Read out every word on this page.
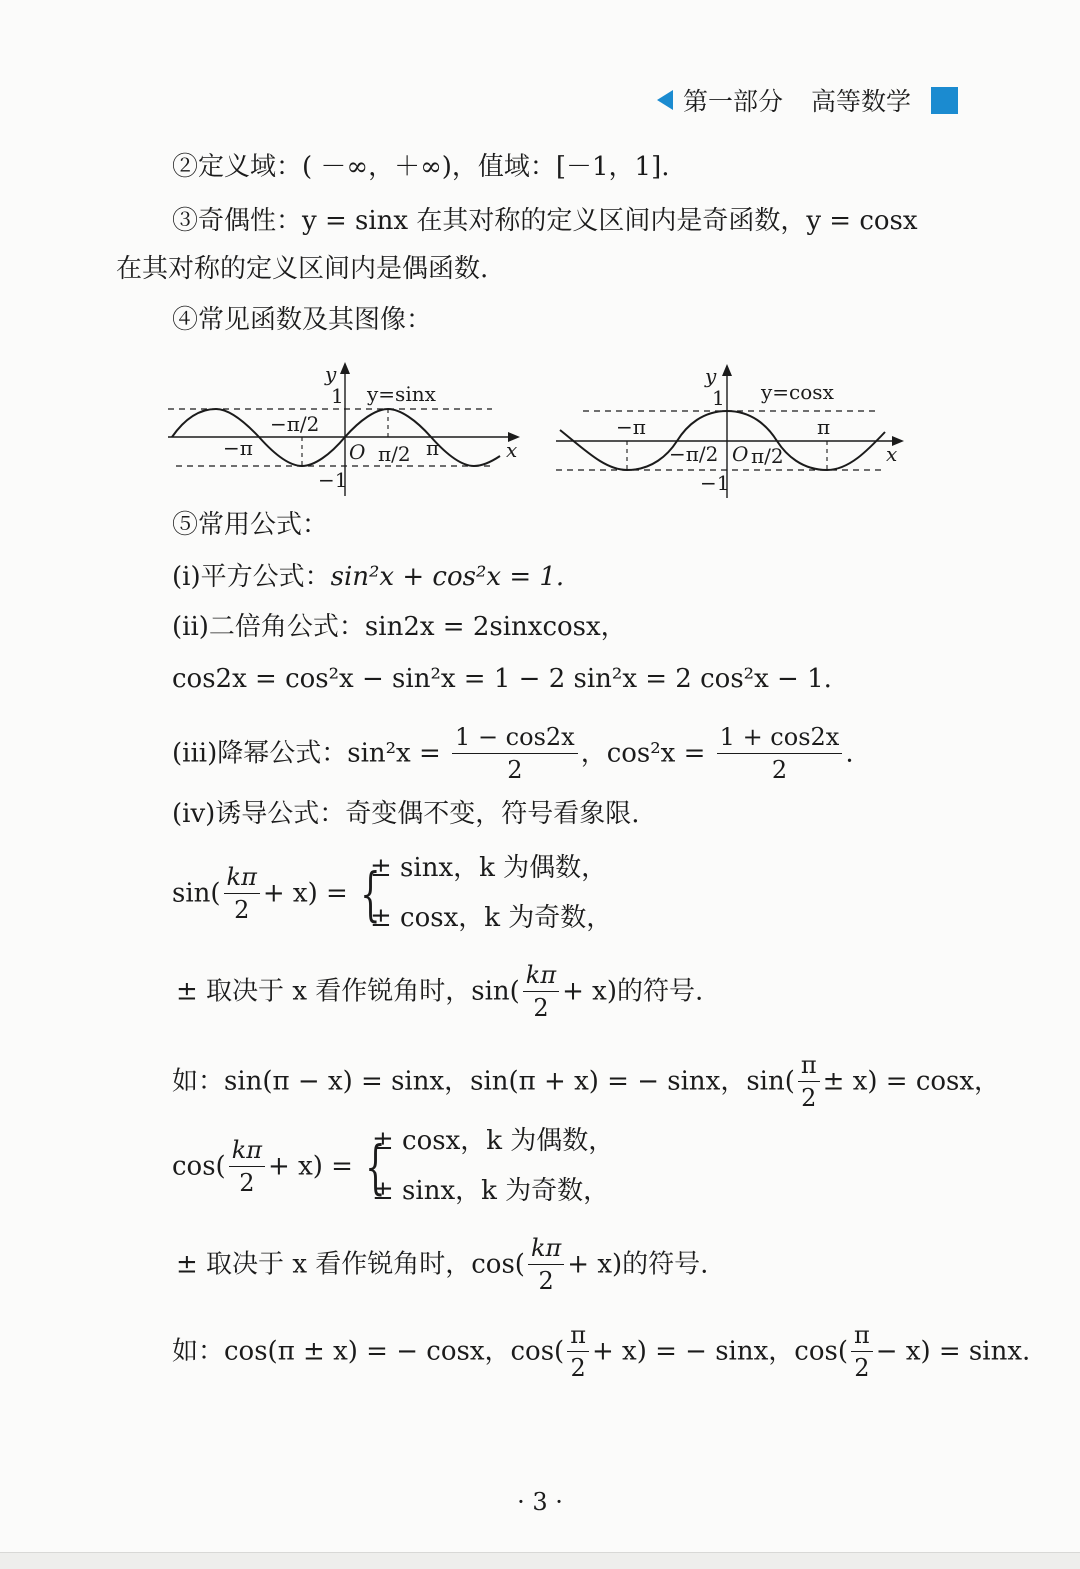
第一部分 高等数学
②定义域：( －∞，＋∞)，值域：[－1，1].
③奇偶性：y = sinx 在其对称的定义区间内是奇函数，y = cosx
在其对称的定义区间内是偶函数.
④常见函数及其图像：
y
1 y=sinx
−π/2
−π	O π/2 π	x
−1
y
1 y=cosx
−π	π
−π/2 O π/2	x
−1
⑤常用公式：
(i)平方公式：sin²x + cos²x = 1.
(ii)二倍角公式：sin2x = 2sinxcosx，
cos2x = cos²x − sin²x = 1 − 2 sin²x = 2 cos²x − 1.
(iii)降幂公式：$\sin^2x = \frac{1 - \cos 2x}{2}$ ，$\cos^2x = \frac{1 + \cos 2x}{2}$ .
(iv)诱导公式：奇变偶不变，符号看象限.
$\sin( \frac{k\pi}{2} + x)$ = {
± sinx，k 为偶数，
± cosx，k 为奇数，
± 取决于 x 看作锐角时，$\sin( \frac{k\pi}{2} + x)$的符号.
如：sin(π − x) = sinx，sin(π + x) = − sinx，$\sin( \frac{\pi}{2} \pm x) = \cos x$，
$\cos( \frac{k\pi}{2} + x)$ = {
± cosx，k 为偶数，
± sinx，k 为奇数，
± 取决于 x 看作锐角时，$\cos( \frac{k\pi}{2} + x)$的符号.
如：cos(π ± x) = − cosx，$\cos( \frac{\pi}{2} + x)$ = − sinx，$\cos( \frac{\pi}{2} - x) = \sin x$.
· 3 ·
